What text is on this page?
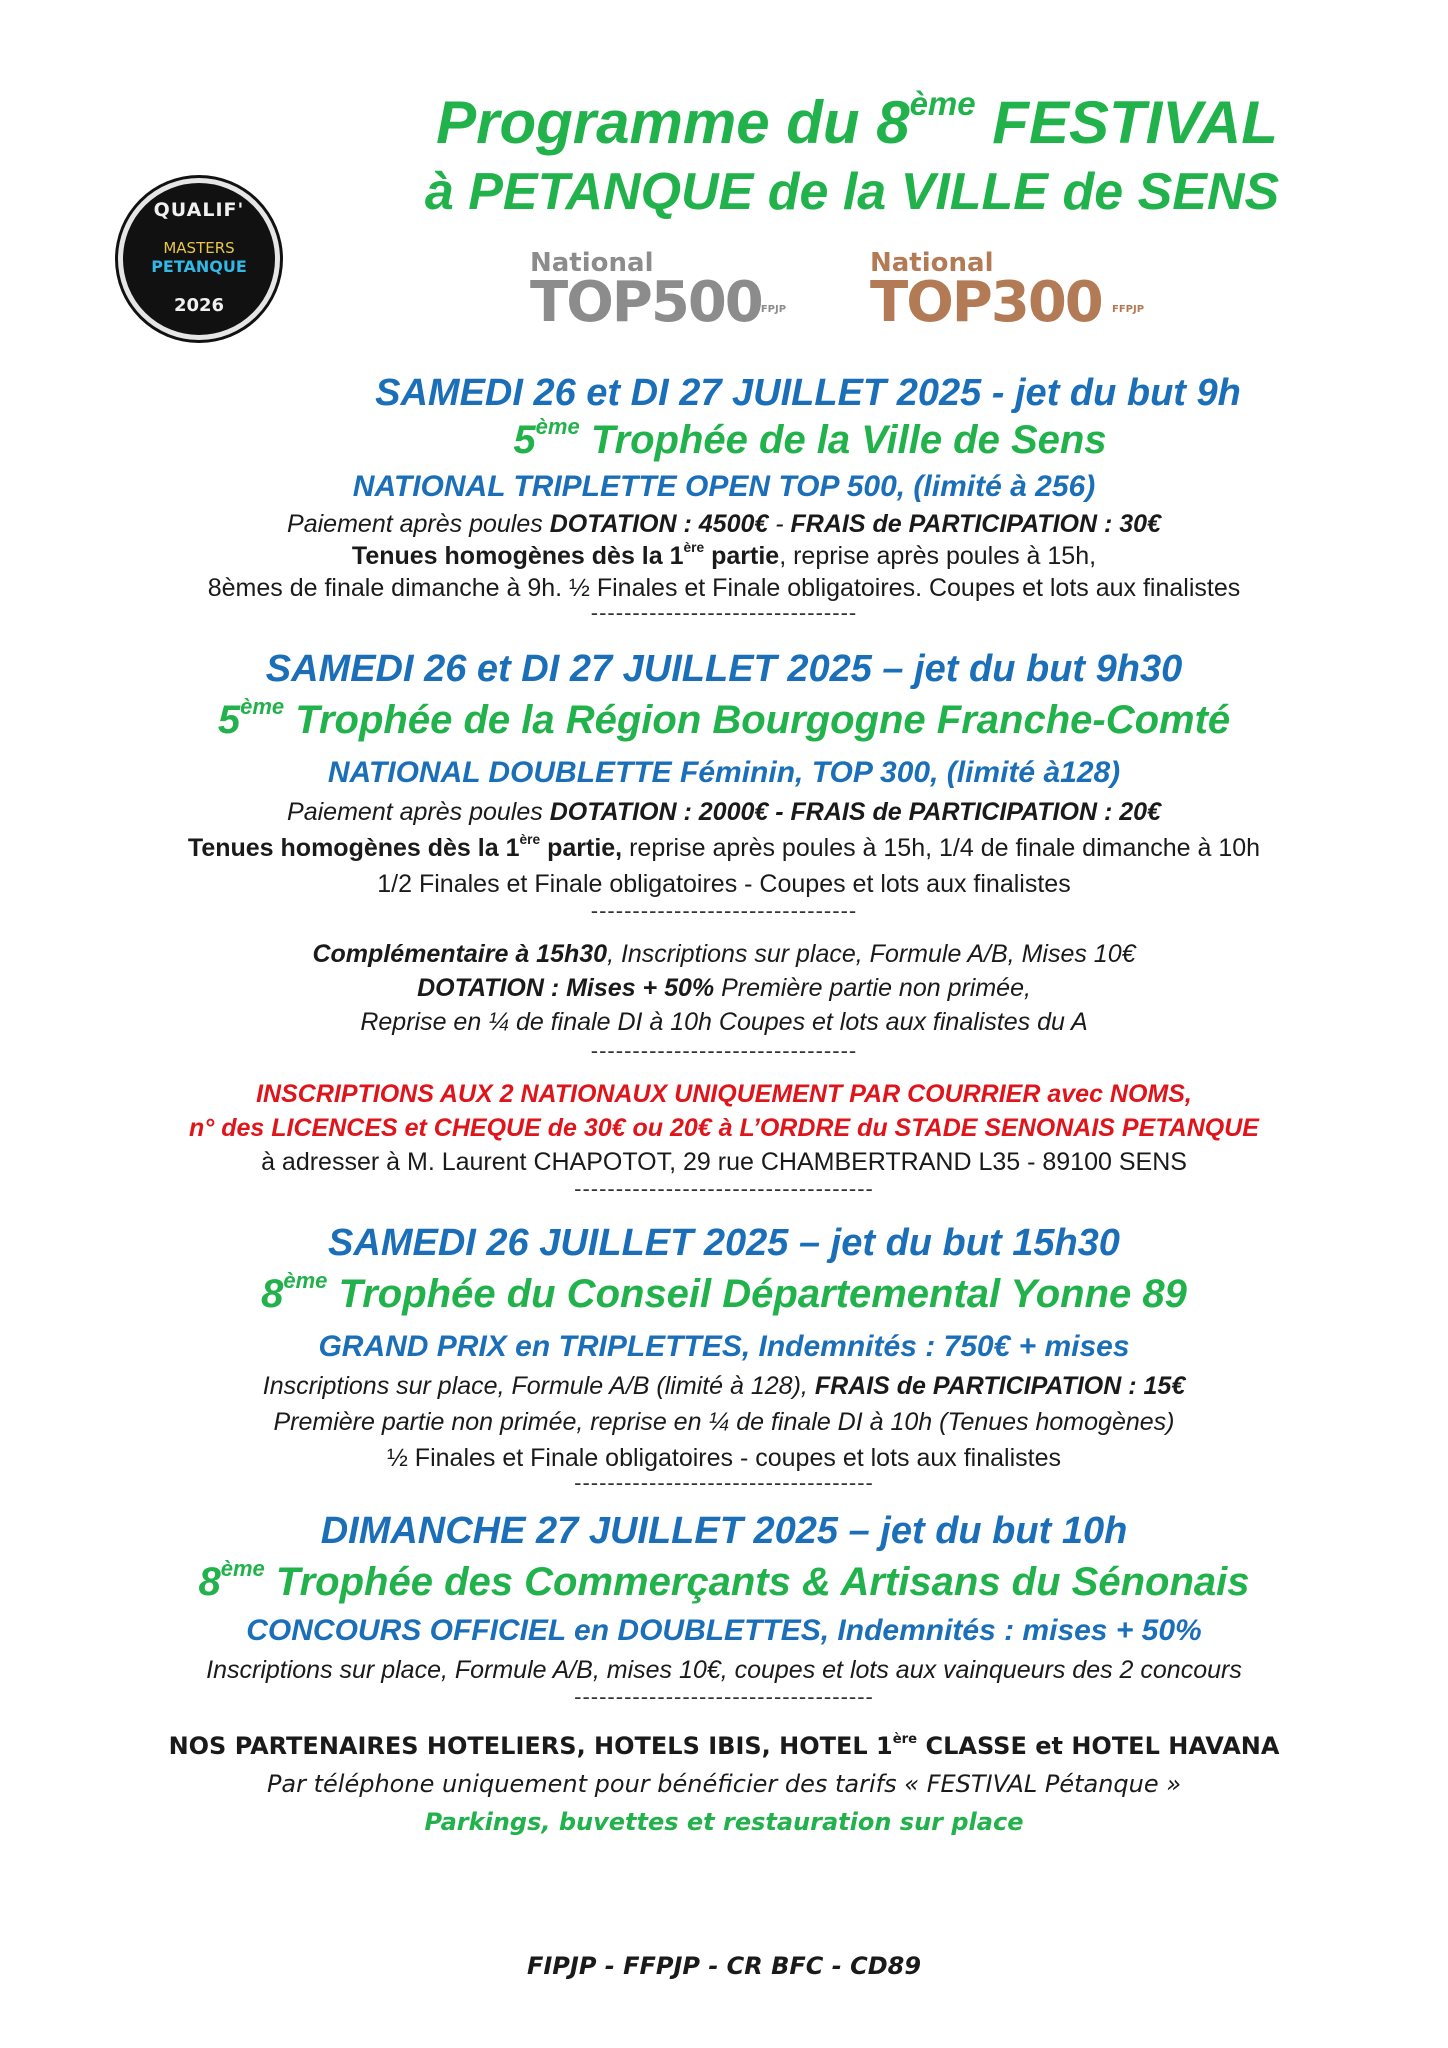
Programme du 8ème FESTIVAL
à PETANQUE de la VILLE de SENS
QUALIF'
MASTERS
PETANQUE
2026
National
TOP500
FFPJP
National
TOP300 FFPJP
SAMEDI 26 et DI 27 JUILLET 2025 - jet du but 9h
5ème Trophée de la Ville de Sens
NATIONAL TRIPLETTE OPEN TOP 500, (limité à 256)
Paiement après poules DOTATION : 4500€ - FRAIS de PARTICIPATION : 30€
Tenues homogènes dès la 1ère partie, reprise après poules à 15h,
8èmes de finale dimanche à 9h. ½ Finales et Finale obligatoires. Coupes et lots aux finalistes
--------------------------------
SAMEDI 26 et DI 27 JUILLET 2025 – jet du but 9h30
5ème Trophée de la Région Bourgogne Franche-Comté
NATIONAL DOUBLETTE Féminin, TOP 300, (limité à128)
Paiement après poules DOTATION : 2000€ - FRAIS de PARTICIPATION : 20€
Tenues homogènes dès la 1ère partie, reprise après poules à 15h, 1/4 de finale dimanche à 10h
1/2 Finales et Finale obligatoires - Coupes et lots aux finalistes
--------------------------------
Complémentaire à 15h30, Inscriptions sur place, Formule A/B, Mises 10€
DOTATION : Mises + 50% Première partie non primée,
Reprise en ¼ de finale DI à 10h Coupes et lots aux finalistes du A
--------------------------------
INSCRIPTIONS AUX 2 NATIONAUX UNIQUEMENT PAR COURRIER avec NOMS,
n° des LICENCES et CHEQUE de 30€ ou 20€ à L’ORDRE du STADE SENONAIS PETANQUE
à adresser à M. Laurent CHAPOTOT, 29 rue CHAMBERTRAND L35 - 89100 SENS
------------------------------------
SAMEDI 26 JUILLET 2025 – jet du but 15h30
8ème Trophée du Conseil Départemental Yonne 89
GRAND PRIX en TRIPLETTES, Indemnités : 750€ + mises
Inscriptions sur place, Formule A/B (limité à 128), FRAIS de PARTICIPATION : 15€
Première partie non primée, reprise en ¼ de finale DI à 10h (Tenues homogènes)
½ Finales et Finale obligatoires - coupes et lots aux finalistes
------------------------------------
DIMANCHE 27 JUILLET 2025 – jet du but 10h
8ème Trophée des Commerçants & Artisans du Sénonais
CONCOURS OFFICIEL en DOUBLETTES, Indemnités : mises + 50%
Inscriptions sur place, Formule A/B, mises 10€, coupes et lots aux vainqueurs des 2 concours
------------------------------------
NOS PARTENAIRES HOTELIERS, HOTELS IBIS, HOTEL 1ère CLASSE et HOTEL HAVANA
Par téléphone uniquement pour bénéficier des tarifs « FESTIVAL Pétanque »
Parkings, buvettes et restauration sur place
FIPJP - FFPJP - CR BFC - CD89
